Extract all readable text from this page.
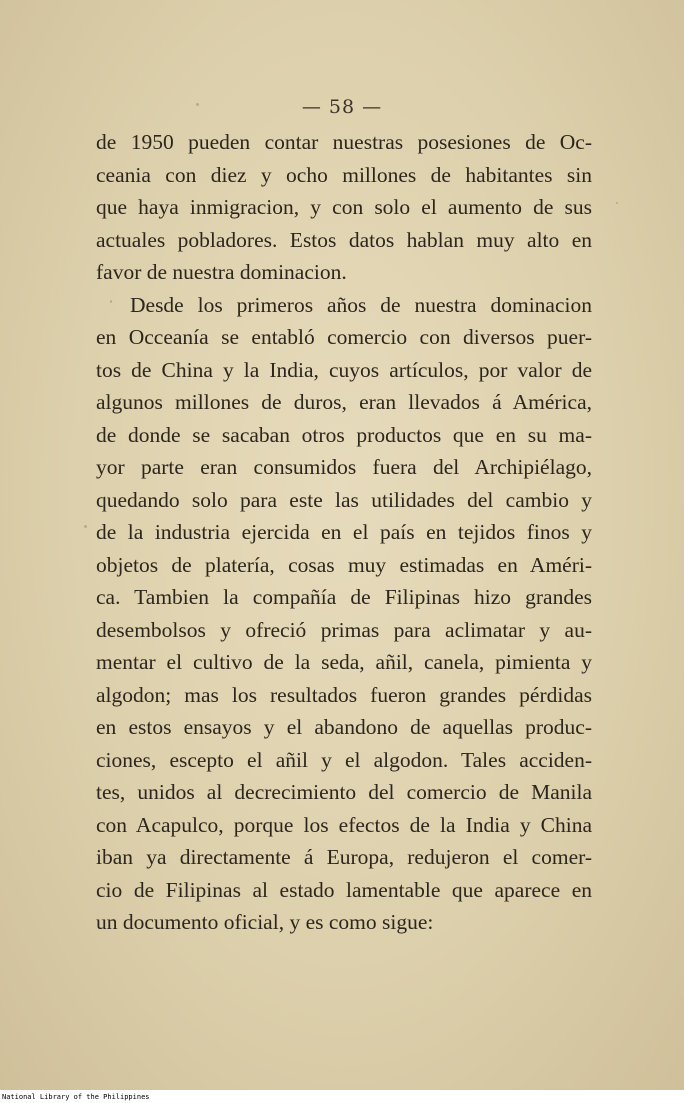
— 58 —
de 1950 pueden contar nuestras posesiones de Oc-
ceania con diez y ocho millones de habitantes sin
que haya inmigracion, y con solo el aumento de sus
actuales pobladores. Estos datos hablan muy alto en
favor de nuestra dominacion.
Desde los primeros años de nuestra dominacion
en Occeanía se entabló comercio con diversos puer-
tos de China y la India, cuyos artículos, por valor de
algunos millones de duros, eran llevados á América,
de donde se sacaban otros productos que en su ma-
yor parte eran consumidos fuera del Archipiélago,
quedando solo para este las utilidades del cambio y
de la industria ejercida en el país en tejidos finos y
objetos de platería, cosas muy estimadas en Améri-
ca. Tambien la compañía de Filipinas hizo grandes
desembolsos y ofreció primas para aclimatar y au-
mentar el cultivo de la seda, añil, canela, pimienta y
algodon; mas los resultados fueron grandes pérdidas
en estos ensayos y el abandono de aquellas produc-
ciones, escepto el añil y el algodon. Tales acciden-
tes, unidos al decrecimiento del comercio de Manila
con Acapulco, porque los efectos de la India y China
iban ya directamente á Europa, redujeron el comer-
cio de Filipinas al estado lamentable que aparece en
un documento oficial, y es como sigue:
National Library of the Philippines
